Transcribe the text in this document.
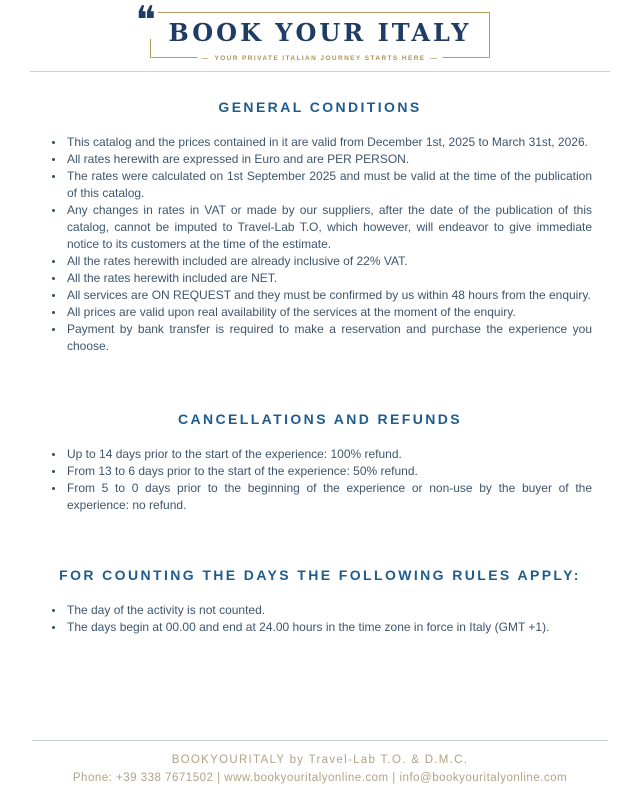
❝ BOOK YOUR ITALY
— YOUR PRIVATE ITALIAN JOURNEY STARTS HERE —
GENERAL CONDITIONS
• This catalog and the prices contained in it are valid from December 1st, 2025 to March 31st, 2026.
• All rates herewith are expressed in Euro and are PER PERSON.
• The rates were calculated on 1st September 2025 and must be valid at the time of the publication of this catalog.
• Any changes in rates in VAT or made by our suppliers, after the date of the publication of this catalog, cannot be imputed to Travel-Lab T.O, which however, will endeavor to give immediate notice to its customers at the time of the estimate.
• All the rates herewith included are already inclusive of 22% VAT.
• All the rates herewith included are NET.
• All services are ON REQUEST and they must be confirmed by us within 48 hours from the enquiry.
• All prices are valid upon real availability of the services at the moment of the enquiry.
• Payment by bank transfer is required to make a reservation and purchase the experience you choose.
CANCELLATIONS AND REFUNDS
• Up to 14 days prior to the start of the experience: 100% refund.
• From 13 to 6 days prior to the start of the experience: 50% refund.
• From 5 to 0 days prior to the beginning of the experience or non-use by the buyer of the experience: no refund.
FOR COUNTING THE DAYS THE FOLLOWING RULES APPLY:
• The day of the activity is not counted.
• The days begin at 00.00 and end at 24.00 hours in the time zone in force in Italy (GMT +1).
BOOKYOURITALY by Travel-Lab T.O. & D.M.C.
Phone: +39 338 7671502 | www.bookyouritalyonline.com | info@bookyouritalyonline.com
